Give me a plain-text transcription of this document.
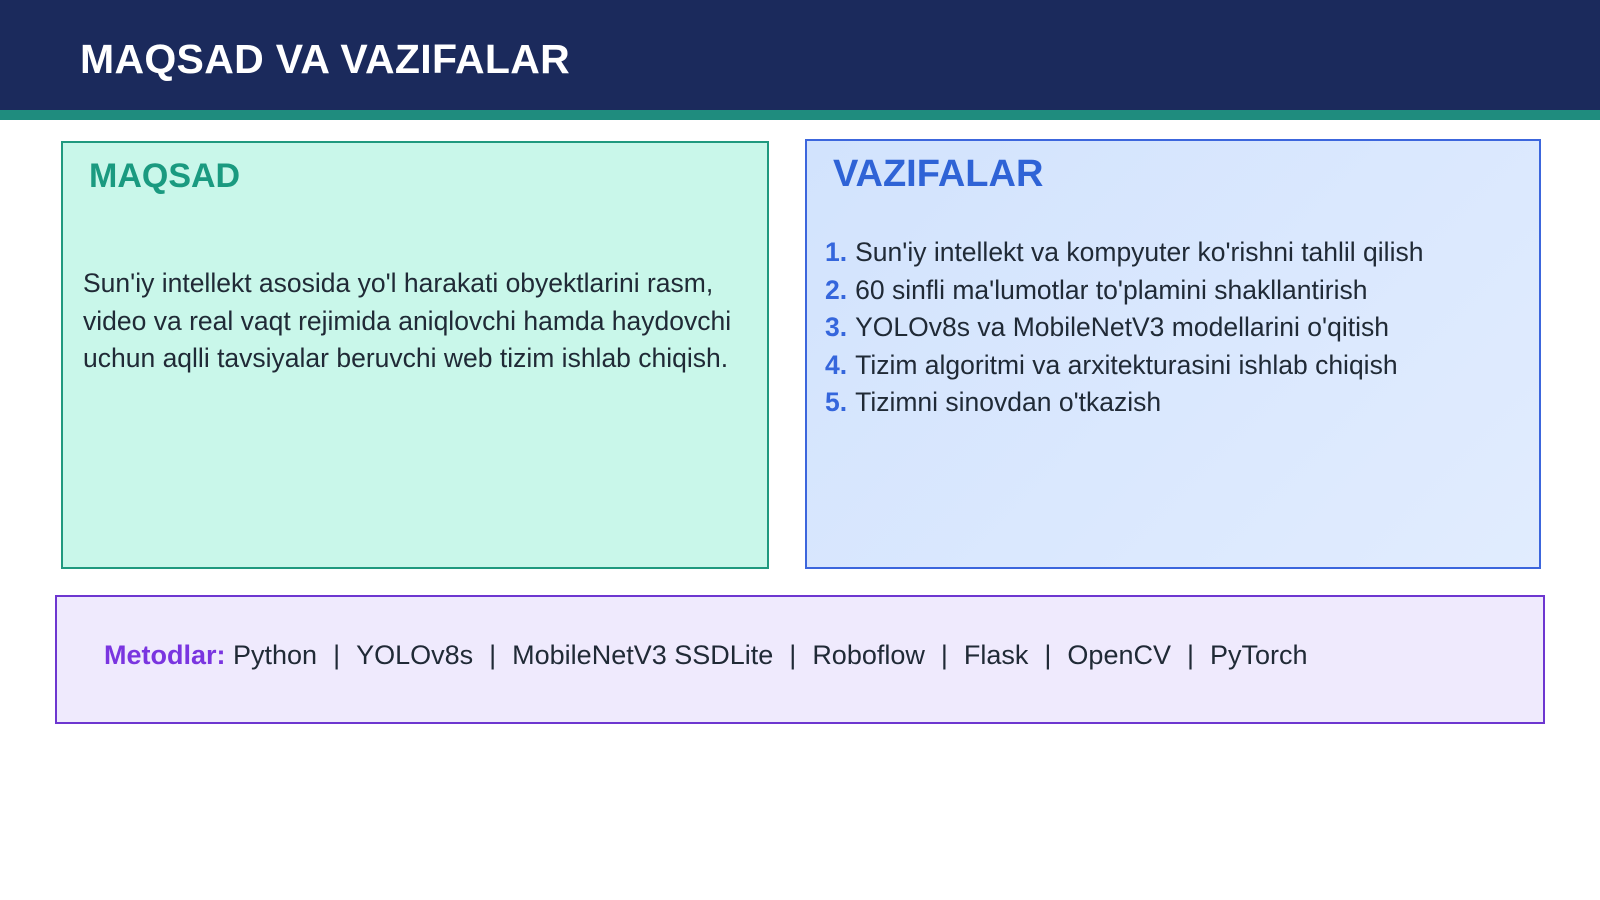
MAQSAD VA VAZIFALAR
MAQSAD

Sun'iy intellekt asosida yo'l harakati obyektlarini rasm, video va real vaqt rejimida aniqlovchi hamda haydovchi uchun aqlli tavsiyalar beruvchi web tizim ishlab chiqish.

VAZIFALAR
1. Sun'iy intellekt va kompyuter ko'rishni tahlil qilish
2. 60 sinfli ma'lumotlar to'plamini shakllantirish
3. YOLOv8s va MobileNetV3 modellarini o'qitish
4. Tizim algoritmi va arxitekturasini ishlab chiqish
5. Tizimni sinovdan o'tkazish

Metodlar: Python | YOLOv8s | MobileNetV3 SSDLite | Roboflow | Flask | OpenCV | PyTorch
